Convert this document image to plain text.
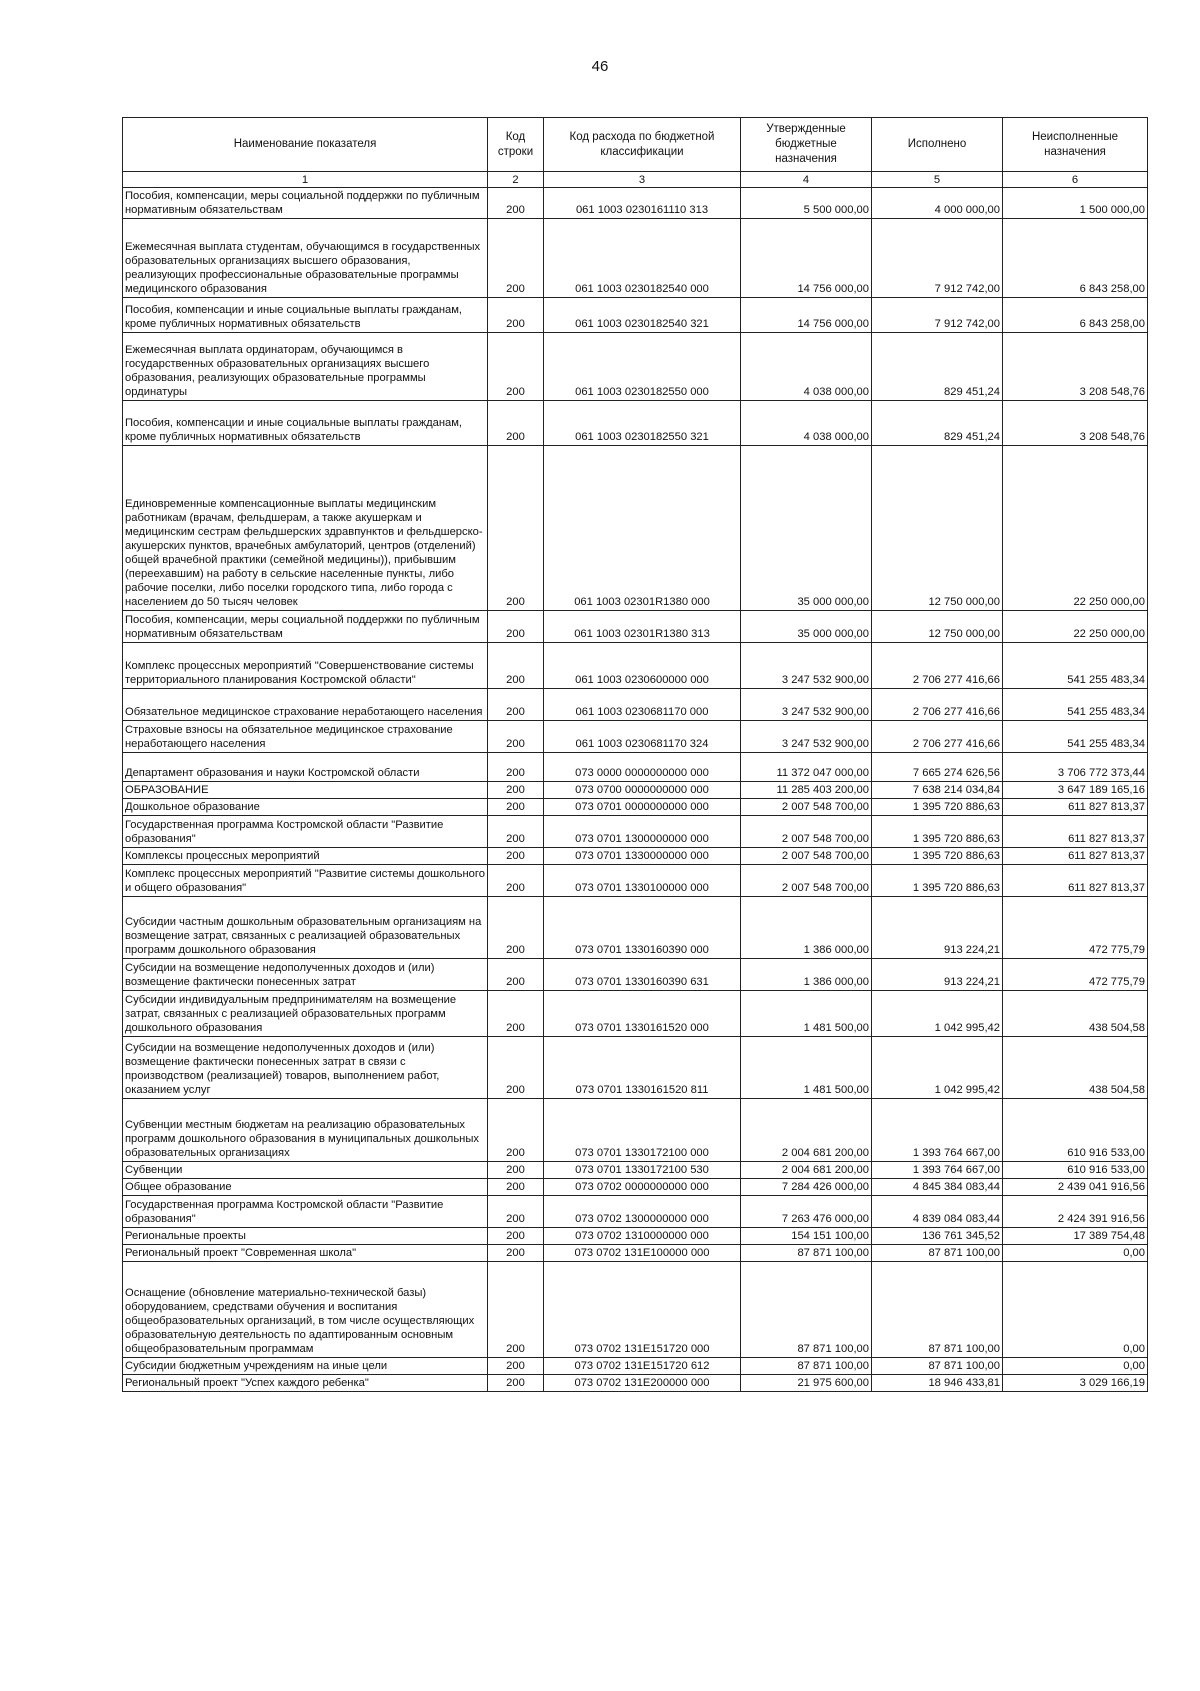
46
Наименование показателя	Код строки	Код расхода по бюджетной классификации	Утвержденные бюджетные назначения	Исполнено	Неисполненные назначения
1	2	3	4	5	6
Пособия, компенсации, меры социальной поддержки по публичным нормативным обязательствам	200	061 1003 0230161110 313	5 500 000,00	4 000 000,00	1 500 000,00
Ежемесячная выплата студентам, обучающимся в государственных образовательных организациях высшего образования, реализующих профессиональные образовательные программы медицинского образования	200	061 1003 0230182540 000	14 756 000,00	7 912 742,00	6 843 258,00
Пособия, компенсации и иные социальные выплаты гражданам, кроме публичных нормативных обязательств	200	061 1003 0230182540 321	14 756 000,00	7 912 742,00	6 843 258,00
Ежемесячная выплата ординаторам, обучающимся в государственных образовательных организациях высшего образования, реализующих образовательные программы ординатуры	200	061 1003 0230182550 000	4 038 000,00	829 451,24	3 208 548,76
Пособия, компенсации и иные социальные выплаты гражданам, кроме публичных нормативных обязательств	200	061 1003 0230182550 321	4 038 000,00	829 451,24	3 208 548,76
Единовременные компенсационные выплаты медицинским работникам (врачам, фельдшерам, а также акушеркам и медицинским сестрам фельдшерских здравпунктов и фельдшерско-акушерских пунктов, врачебных амбулаторий, центров (отделений) общей врачебной практики (семейной медицины)), прибывшим (переехавшим) на работу в сельские населенные пункты, либо рабочие поселки, либо поселки городского типа, либо города с населением до 50 тысяч человек	200	061 1003 02301R1380 000	35 000 000,00	12 750 000,00	22 250 000,00
Пособия, компенсации, меры социальной поддержки по публичным нормативным обязательствам	200	061 1003 02301R1380 313	35 000 000,00	12 750 000,00	22 250 000,00
Комплекс процессных мероприятий "Совершенствование системы территориального планирования Костромской области"	200	061 1003 0230600000 000	3 247 532 900,00	2 706 277 416,66	541 255 483,34
Обязательное медицинское страхование неработающего населения	200	061 1003 0230681170 000	3 247 532 900,00	2 706 277 416,66	541 255 483,34
Страховые взносы на обязательное медицинское страхование неработающего населения	200	061 1003 0230681170 324	3 247 532 900,00	2 706 277 416,66	541 255 483,34
Департамент образования и науки Костромской области	200	073 0000 0000000000 000	11 372 047 000,00	7 665 274 626,56	3 706 772 373,44
ОБРАЗОВАНИЕ	200	073 0700 0000000000 000	11 285 403 200,00	7 638 214 034,84	3 647 189 165,16
Дошкольное образование	200	073 0701 0000000000 000	2 007 548 700,00	1 395 720 886,63	611 827 813,37
Государственная программа Костромской области "Развитие образования"	200	073 0701 1300000000 000	2 007 548 700,00	1 395 720 886,63	611 827 813,37
Комплексы процессных мероприятий	200	073 0701 1330000000 000	2 007 548 700,00	1 395 720 886,63	611 827 813,37
Комплекс процессных мероприятий "Развитие системы дошкольного и общего образования"	200	073 0701 1330100000 000	2 007 548 700,00	1 395 720 886,63	611 827 813,37
Субсидии частным дошкольным образовательным организациям на возмещение затрат, связанных с реализацией образовательных программ дошкольного образования	200	073 0701 1330160390 000	1 386 000,00	913 224,21	472 775,79
Субсидии на возмещение недополученных доходов и (или) возмещение фактически понесенных затрат	200	073 0701 1330160390 631	1 386 000,00	913 224,21	472 775,79
Субсидии индивидуальным предпринимателям на возмещение затрат, связанных с реализацией образовательных программ дошкольного образования	200	073 0701 1330161520 000	1 481 500,00	1 042 995,42	438 504,58
Субсидии на возмещение недополученных доходов и (или) возмещение фактически понесенных затрат в связи с производством (реализацией) товаров, выполнением работ, оказанием услуг	200	073 0701 1330161520 811	1 481 500,00	1 042 995,42	438 504,58
Субвенции местным бюджетам на реализацию образовательных программ дошкольного образования в муниципальных дошкольных образовательных организациях	200	073 0701 1330172100 000	2 004 681 200,00	1 393 764 667,00	610 916 533,00
Субвенции	200	073 0701 1330172100 530	2 004 681 200,00	1 393 764 667,00	610 916 533,00
Общее образование	200	073 0702 0000000000 000	7 284 426 000,00	4 845 384 083,44	2 439 041 916,56
Государственная программа Костромской области "Развитие образования"	200	073 0702 1300000000 000	7 263 476 000,00	4 839 084 083,44	2 424 391 916,56
Региональные проекты	200	073 0702 1310000000 000	154 151 100,00	136 761 345,52	17 389 754,48
Региональный проект "Современная школа"	200	073 0702 131E100000 000	87 871 100,00	87 871 100,00	0,00
Оснащение (обновление материально-технической базы) оборудованием, средствами обучения и воспитания общеобразовательных организаций, в том числе осуществляющих образовательную деятельность по адаптированным основным общеобразовательным программам	200	073 0702 131E151720 000	87 871 100,00	87 871 100,00	0,00
Субсидии бюджетным учреждениям на иные цели	200	073 0702 131E151720 612	87 871 100,00	87 871 100,00	0,00
Региональный проект "Успех каждого ребенка"	200	073 0702 131E200000 000	21 975 600,00	18 946 433,81	3 029 166,19
